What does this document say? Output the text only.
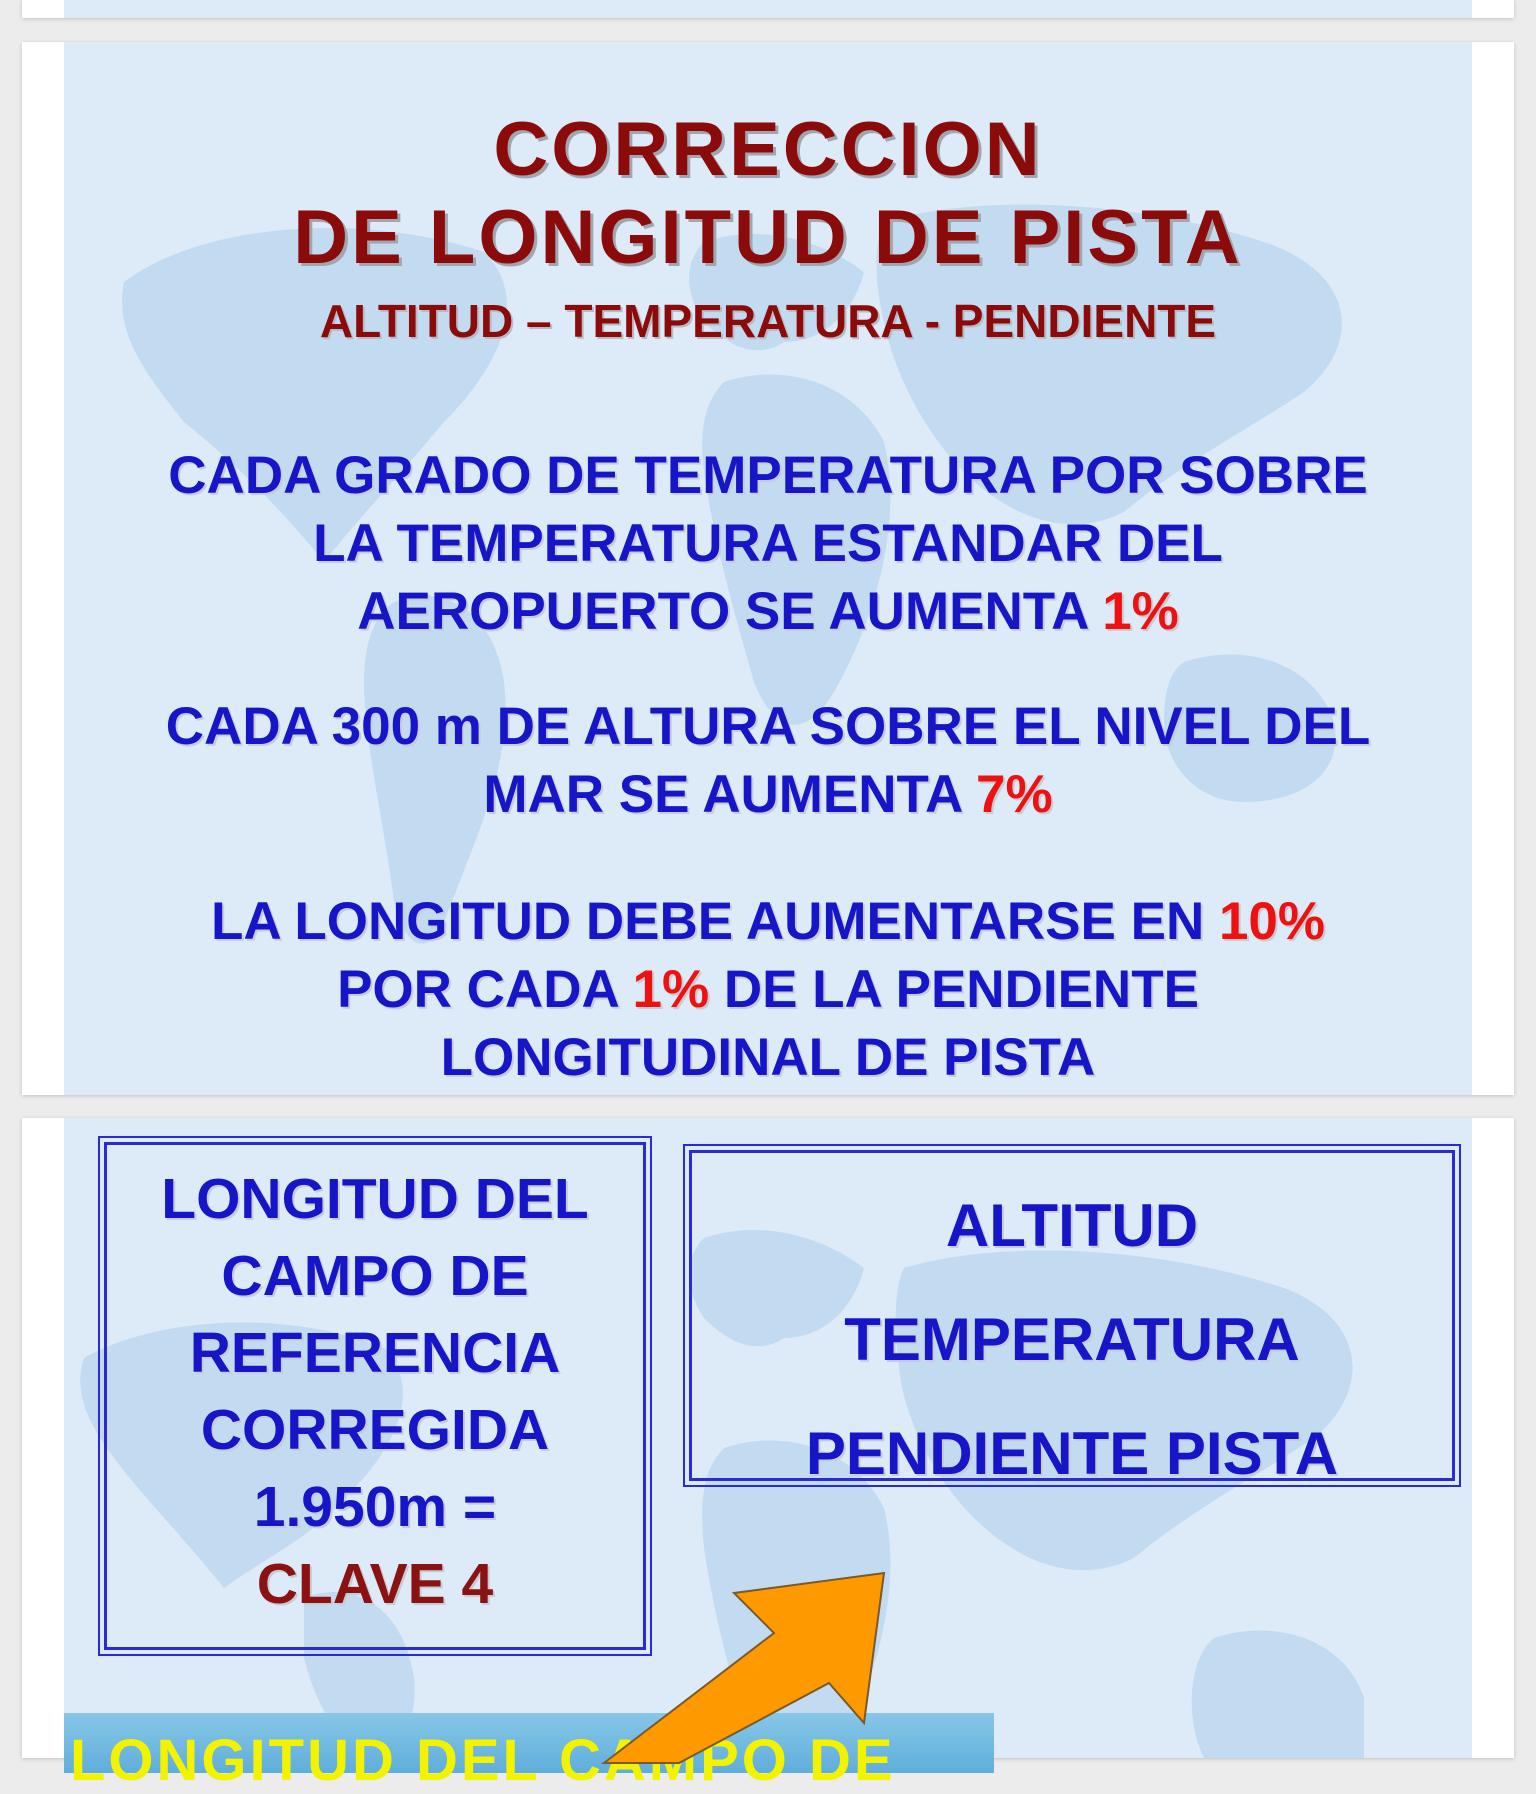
CORRECCION
DE LONGITUD DE PISTA
ALTITUD – TEMPERATURA - PENDIENTE
CADA GRADO DE TEMPERATURA POR SOBRE
LA TEMPERATURA ESTANDAR DEL
AEROPUERTO SE AUMENTA 1%
CADA 300 m DE ALTURA SOBRE EL NIVEL DEL
MAR SE AUMENTA 7%
LA LONGITUD DEBE AUMENTARSE EN 10%
POR CADA 1% DE LA PENDIENTE
LONGITUDINAL DE PISTA
LONGITUD DEL
CAMPO DE
REFERENCIA
CORREGIDA
1.950m =
CLAVE 4
ALTITUD
TEMPERATURA
PENDIENTE PISTA
LONGITUD DEL CAMPO DE
